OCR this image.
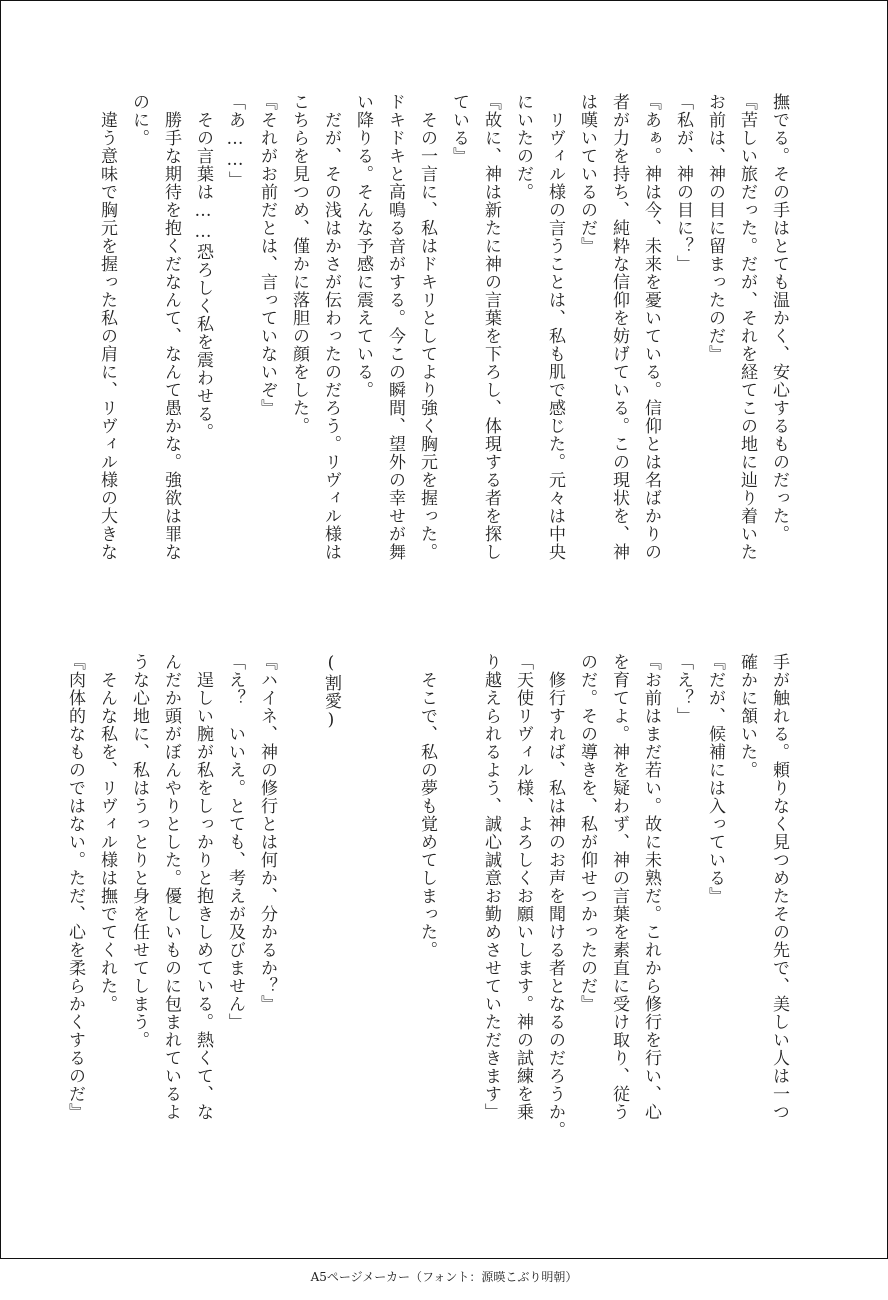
撫でる。その手はとても温かく、安心するものだった。
『苦しい旅だった。だが、それを経てこの地に辿り着いた
お前は、神の目に留まったのだ』
「私が、神の目に？」
『あぁ。神は今、未来を憂いている。信仰とは名ばかりの
者が力を持ち、純粋な信仰を妨げている。この現状を、神
は嘆いているのだ』
　リヴィル様の言うことは、私も肌で感じた。元々は中央
にいたのだ。
『故に、神は新たに神の言葉を下ろし、体現する者を探し
ている』
　その一言に、私はドキリとしてより強く胸元を握った。
ドキドキと高鳴る音がする。今この瞬間、望外の幸せが舞
い降りる。そんな予感に震えている。
　だが、その浅はかさが伝わったのだろう。リヴィル様は
こちらを見つめ、僅かに落胆の顔をした。
『それがお前だとは、言っていないぞ』
「あ……」
　その言葉は……恐ろしく私を震わせる。
　勝手な期待を抱くだなんて、なんて愚かな。強欲は罪な
のに。
　違う意味で胸元を握った私の肩に、リヴィル様の大きな
手が触れる。頼りなく見つめたその先で、美しい人は一つ
確かに頷いた。
『だが、候補には入っている』
「え？」
『お前はまだ若い。故に未熟だ。これから修行を行い、心
を育てよ。神を疑わず、神の言葉を素直に受け取り、従う
のだ。その導きを、私が仰せつかったのだ』
　修行すれば、私は神のお声を聞ける者となるのだろうか。
「天使リヴィル様、よろしくお願いします。神の試練を乗
り越えられるよう、誠心誠意お勤めさせていただきます」

　そこで、私の夢も覚めてしまった。

(割愛)

『ハイネ、神の修行とは何か、分かるか？』
「え？　いいえ。とても、考えが及びません」
　逞しい腕が私をしっかりと抱きしめている。熱くて、な
んだか頭がぼんやりとした。優しいものに包まれているよ
うな心地に、私はうっとりと身を任せてしまう。
　そんな私を、リヴィル様は撫でてくれた。
『肉体的なものではない。ただ、心を柔らかくするのだ』
A5ページメーカー（フォント：源暎こぶり明朝）
